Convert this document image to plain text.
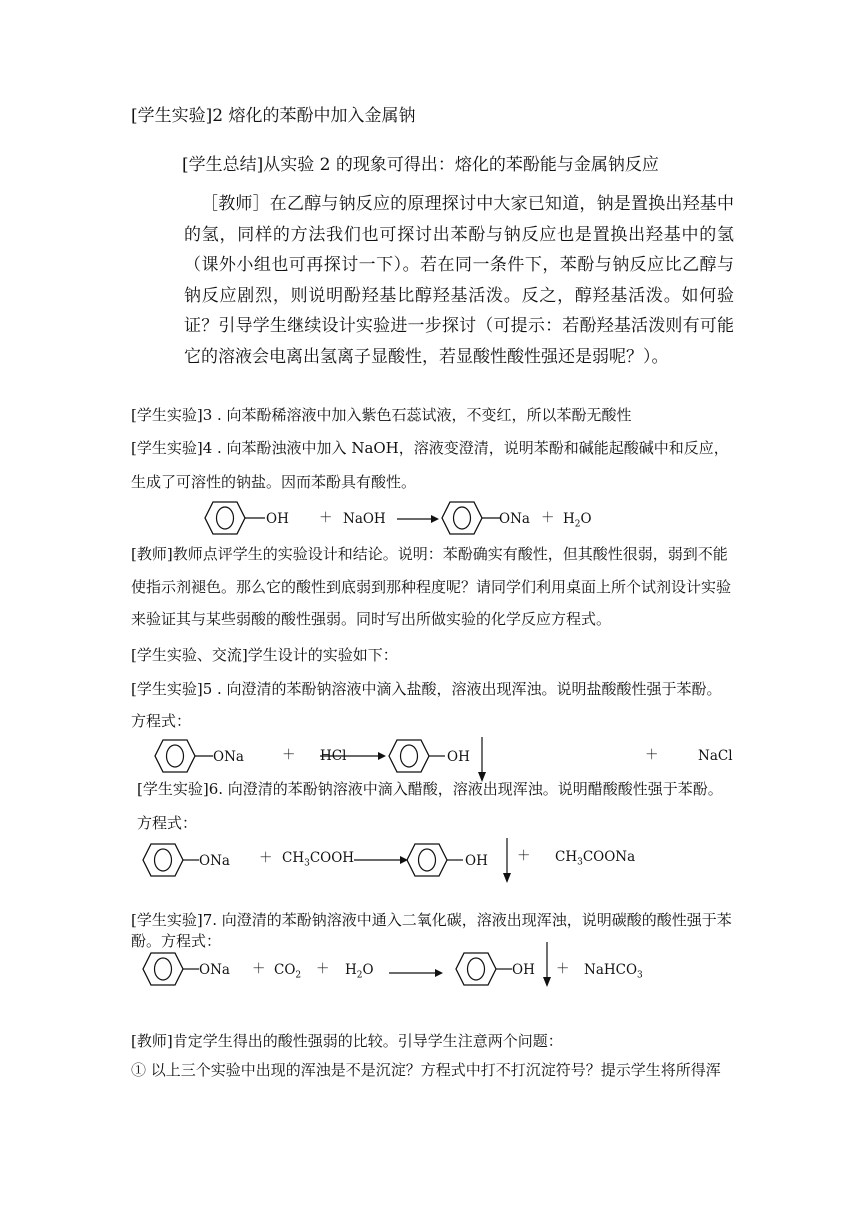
[学生实验]2 熔化的苯酚中加入金属钠
[学生总结]从实验 2 的现象可得出：熔化的苯酚能与金属钠反应
［教师］在乙醇与钠反应的原理探讨中大家已知道，钠是置换出羟基中的氢，同样的方法我们也可探讨出苯酚与钠反应也是置换出羟基中的氢（课外小组也可再探讨一下）。若在同一条件下，苯酚与钠反应比乙醇与钠反应剧烈，则说明酚羟基比醇羟基活泼。反之，醇羟基活泼。如何验证？引导学生继续设计实验进一步探讨（可提示：若酚羟基活泼则有可能它的溶液会电离出氢离子显酸性，若显酸性酸性强还是弱呢？）。
[学生实验]3 . 向苯酚稀溶液中加入紫色石蕊试液，不变红，所以苯酚无酸性
[学生实验]4 . 向苯酚浊液中加入 NaOH，溶液变澄清，说明苯酚和碱能起酸碱中和反应，
生成了可溶性的钠盐。因而苯酚具有酸性。
OH ＋ NaOH →	ONa ＋ $H_2O$
[教师]教师点评学生的实验设计和结论。说明：苯酚确实有酸性，但其酸性很弱，弱到不能
使指示剂褪色。那么它的酸性到底弱到那种程度呢？请同学们利用桌面上所个试剂设计实验
来验证其与某些弱酸的酸性强弱。同时写出所做实验的化学反应方程式。
[学生实验、交流]学生设计的实验如下：
[学生实验]5 . 向澄清的苯酚钠溶液中滴入盐酸，溶液出现浑浊。说明盐酸酸性强于苯酚。
方程式：
ONa	＋ HCl	OH	＋	NaCl
[学生实验]6. 向澄清的苯酚钠溶液中滴入醋酸，溶液出现浑浊。说明醋酸酸性强于苯酚。
方程式：
ONa ＋ $CH_3COOH$ →	OH ＋ $CH_3COONa$
[学生实验]7. 向澄清的苯酚钠溶液中通入二氧化碳，溶液出现浑浊，说明碳酸的酸性强于苯
酚。方程式：
ONa ＋ $CO_2 + H_2O$ →	OH ＋ NaHCO$_3$
[教师]肯定学生得出的酸性强弱的比较。引导学生注意两个问题：
① 以上三个实验中出现的浑浊是不是沉淀？方程式中打不打沉淀符号？提示学生将所得浑
